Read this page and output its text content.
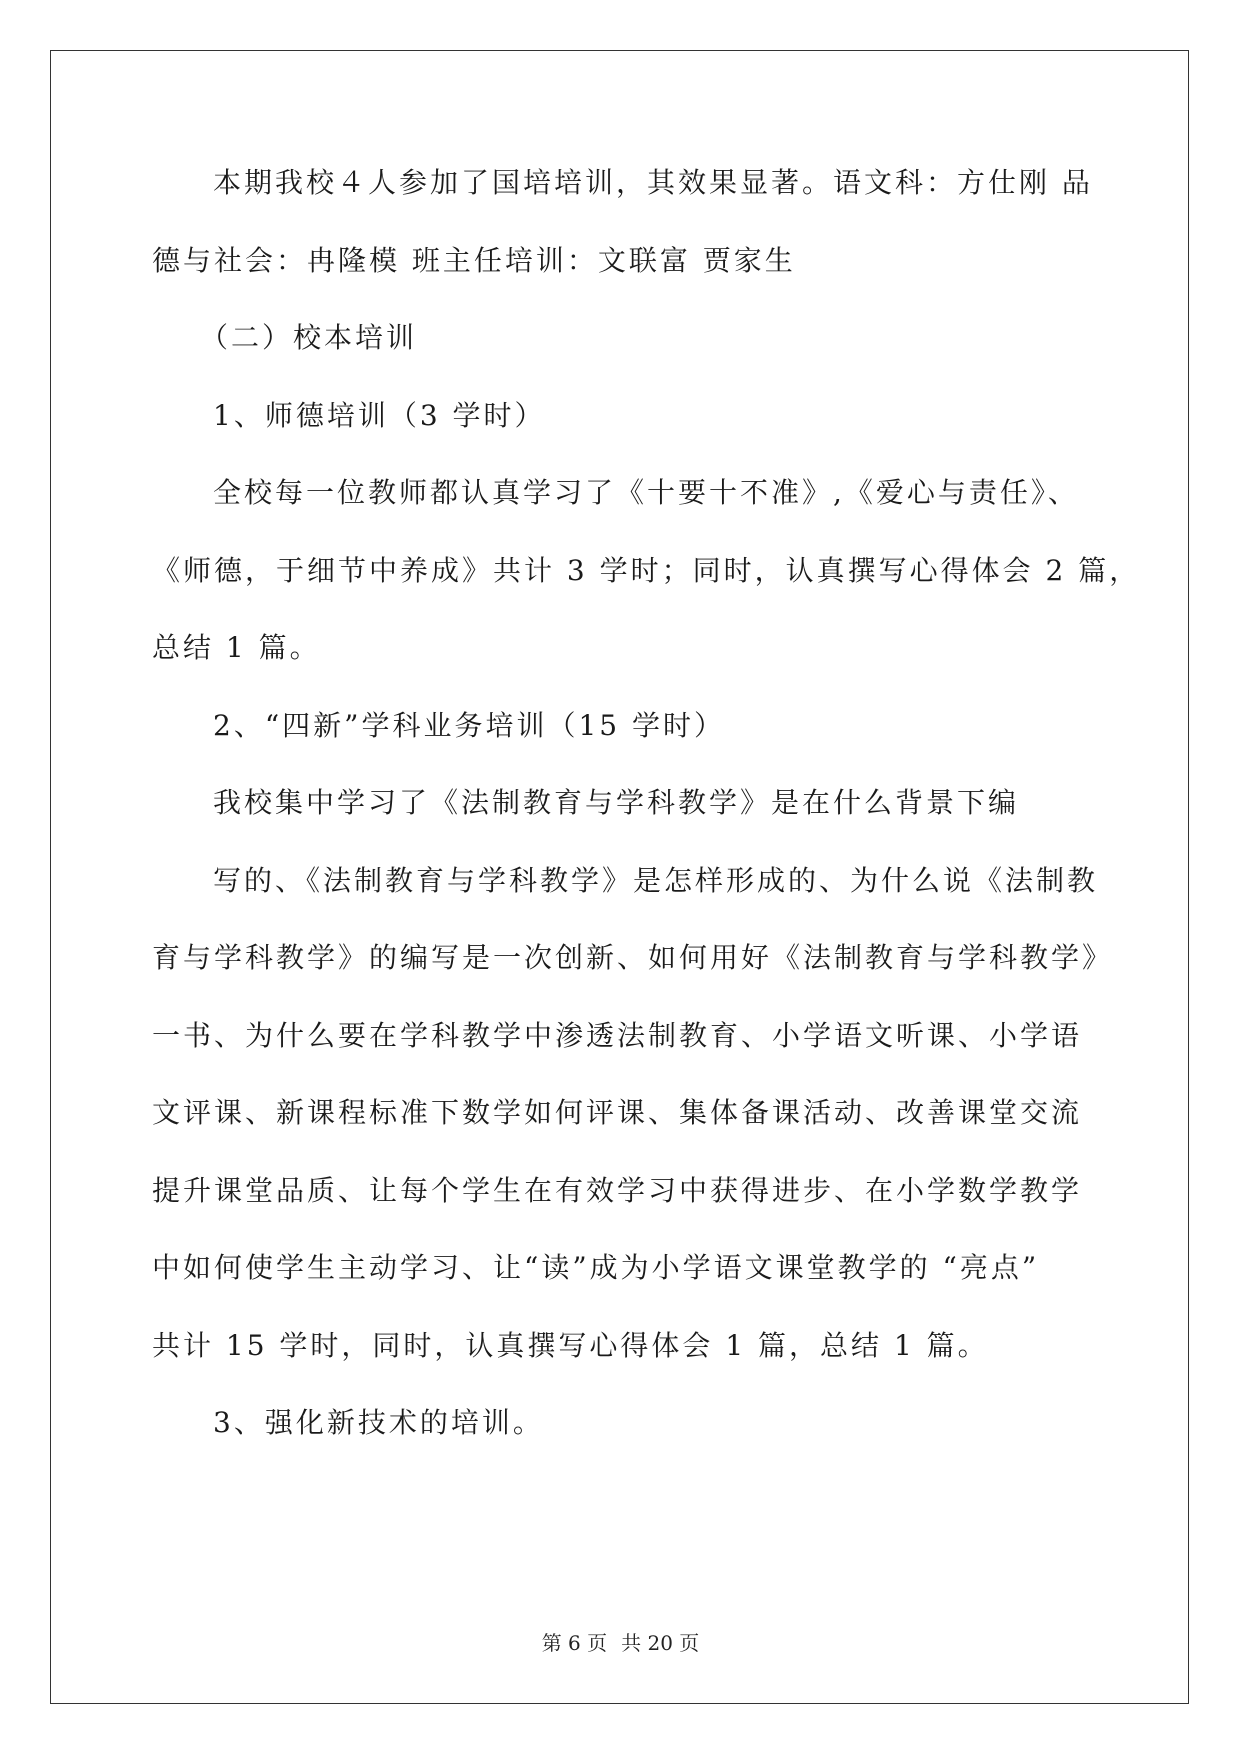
本期我校４人参加了国培培训，其效果显著。语文科：方仕刚 品
德与社会：冉隆模 班主任培训：文联富 贾家生
（二）校本培训
1、师德培训（3 学时）
全校每一位教师都认真学习了《十要十不准》,《爱心与责任》、
《师德，于细节中养成》共计 3 学时；同时，认真撰写心得体会 2 篇，
总结 1 篇。
2、“四新”学科业务培训（15 学时）
我校集中学习了《法制教育与学科教学》是在什么背景下编
写的、《法制教育与学科教学》是怎样形成的、为什么说《法制教
育与学科教学》的编写是一次创新、如何用好《法制教育与学科教学》
一书、为什么要在学科教学中渗透法制教育、小学语文听课、小学语
文评课、新课程标准下数学如何评课、集体备课活动、改善课堂交流
提升课堂品质、让每个学生在有效学习中获得进步、在小学数学教学
中如何使学生主动学习、让“读”成为小学语文课堂教学的 “亮点”
共计 15 学时，同时，认真撰写心得体会 1 篇，总结 1 篇。
3、强化新技术的培训。
第 6 页 共 20 页
